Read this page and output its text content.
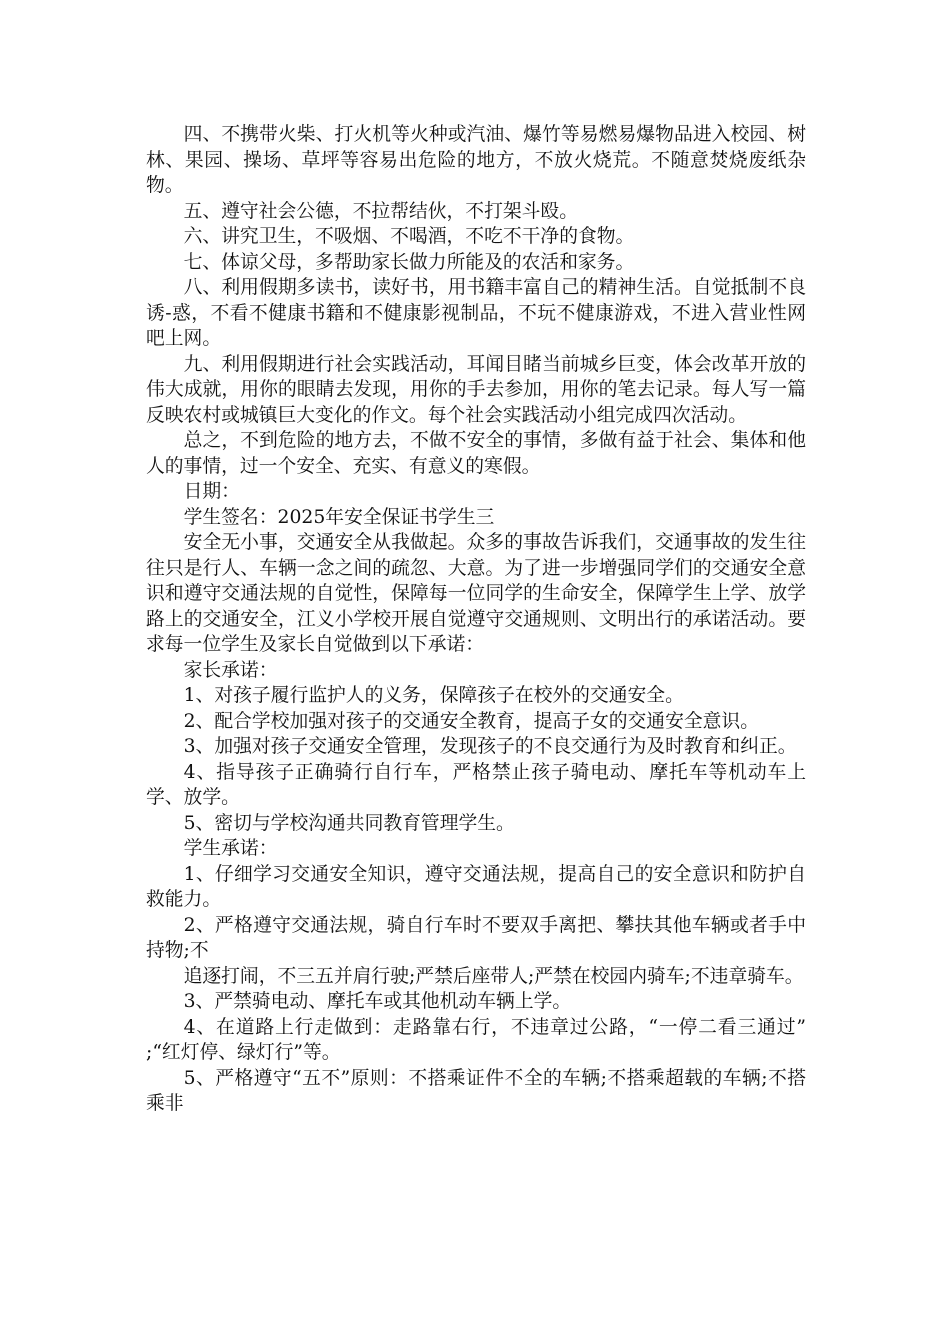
四、不携带火柴、打火机等火种或汽油、爆竹等易燃易爆物品进入校园、树林、果园、操场、草坪等容易出危险的地方，不放火烧荒。不随意焚烧废纸杂物。

五、遵守社会公德，不拉帮结伙，不打架斗殴。

六、讲究卫生，不吸烟、不喝酒，不吃不干净的食物。

七、体谅父母，多帮助家长做力所能及的农活和家务。

八、利用假期多读书，读好书，用书籍丰富自己的精神生活。自觉抵制不良诱-惑，不看不健康书籍和不健康影视制品，不玩不健康游戏，不进入营业性网吧上网。

九、利用假期进行社会实践活动，耳闻目睹当前城乡巨变，体会改革开放的伟大成就，用你的眼睛去发现，用你的手去参加，用你的笔去记录。每人写一篇反映农村或城镇巨大变化的作文。每个社会实践活动小组完成四次活动。

总之，不到危险的地方去，不做不安全的事情，多做有益于社会、集体和他人的事情，过一个安全、充实、有意义的寒假。

日期：

学生签名：2025年安全保证书学生三

安全无小事，交通安全从我做起。众多的事故告诉我们，交通事故的发生往往只是行人、车辆一念之间的疏忽、大意。为了进一步增强同学们的交通安全意识和遵守交通法规的自觉性，保障每一位同学的生命安全，保障学生上学、放学路上的交通安全，江义小学校开展自觉遵守交通规则、文明出行的承诺活动。要求每一位学生及家长自觉做到以下承诺：

家长承诺：

1、对孩子履行监护人的义务，保障孩子在校外的交通安全。

2、配合学校加强对孩子的交通安全教育，提高子女的交通安全意识。

3、加强对孩子交通安全管理，发现孩子的不良交通行为及时教育和纠正。

4、指导孩子正确骑行自行车，严格禁止孩子骑电动、摩托车等机动车上学、放学。

5、密切与学校沟通共同教育管理学生。

学生承诺：

1、仔细学习交通安全知识，遵守交通法规，提高自己的安全意识和防护自救能力。

2、严格遵守交通法规，骑自行车时不要双手离把、攀扶其他车辆或者手中持物;不

追逐打闹，不三五并肩行驶;严禁后座带人;严禁在校园内骑车;不违章骑车。

3、严禁骑电动、摩托车或其他机动车辆上学。

4、在道路上行走做到：走路靠右行，不违章过公路，“一停二看三通过” ;“红灯停、绿灯行”等。

5、严格遵守“五不”原则：不搭乘证件不全的车辆;不搭乘超载的车辆;不搭乘非
